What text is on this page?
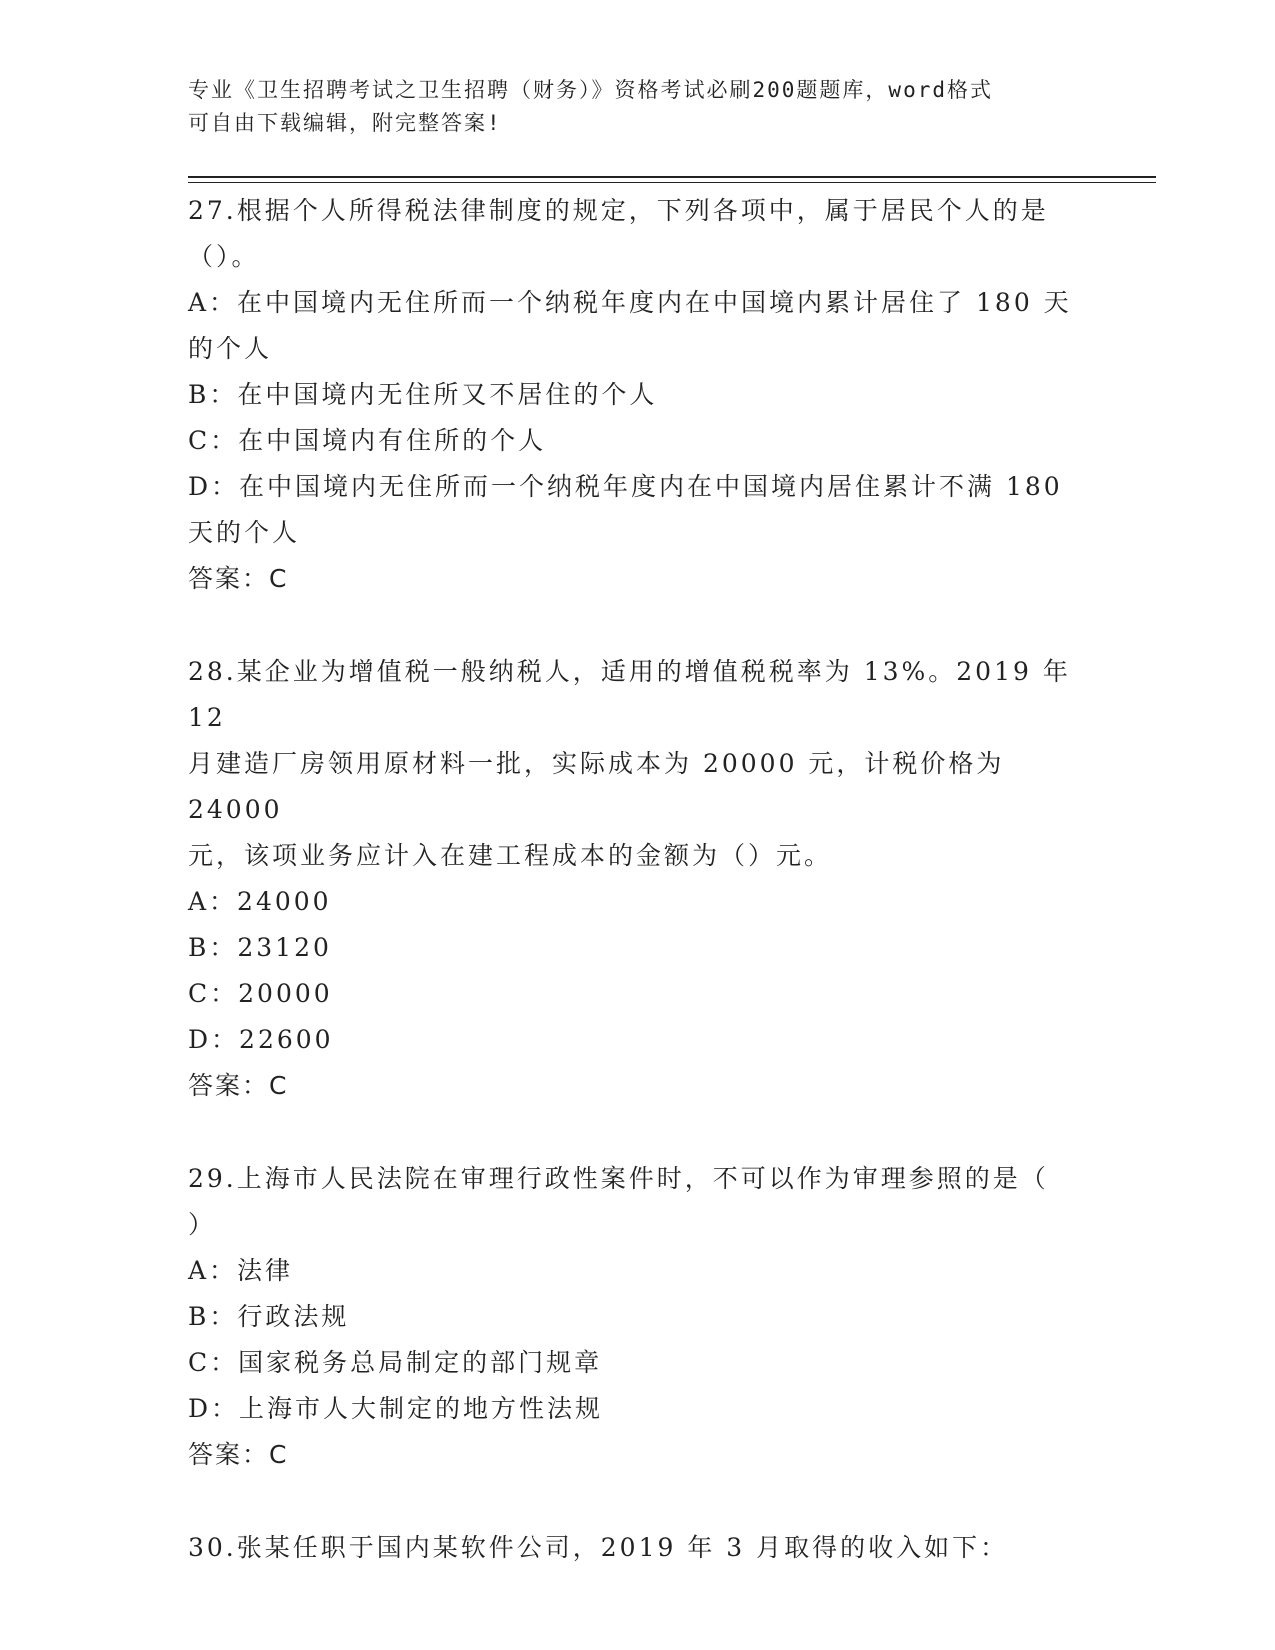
专业《卫生招聘考试之卫生招聘（财务）》资格考试必刷200题题库，word格式
可自由下载编辑，附完整答案!
27.根据个人所得税法律制度的规定，下列各项中，属于居民个人的是
（）。
A：在中国境内无住所而一个纳税年度内在中国境内累计居住了 180 天
的个人
B：在中国境内无住所又不居住的个人
C：在中国境内有住所的个人
D：在中国境内无住所而一个纳税年度内在中国境内居住累计不满 180
天的个人
答案：C
28.某企业为增值税一般纳税人，适用的增值税税率为 13%。2019 年 12
月建造厂房领用原材料一批，实际成本为 20000 元，计税价格为 24000
元，该项业务应计入在建工程成本的金额为（）元。
A：24000
B：23120
C：20000
D：22600
答案：C
29.上海市人民法院在审理行政性案件时，不可以作为审理参照的是（
）
A：法律
B：行政法规
C：国家税务总局制定的部门规章
D：上海市人大制定的地方性法规
答案：C
30.张某任职于国内某软件公司，2019 年 3 月取得的收入如下：
